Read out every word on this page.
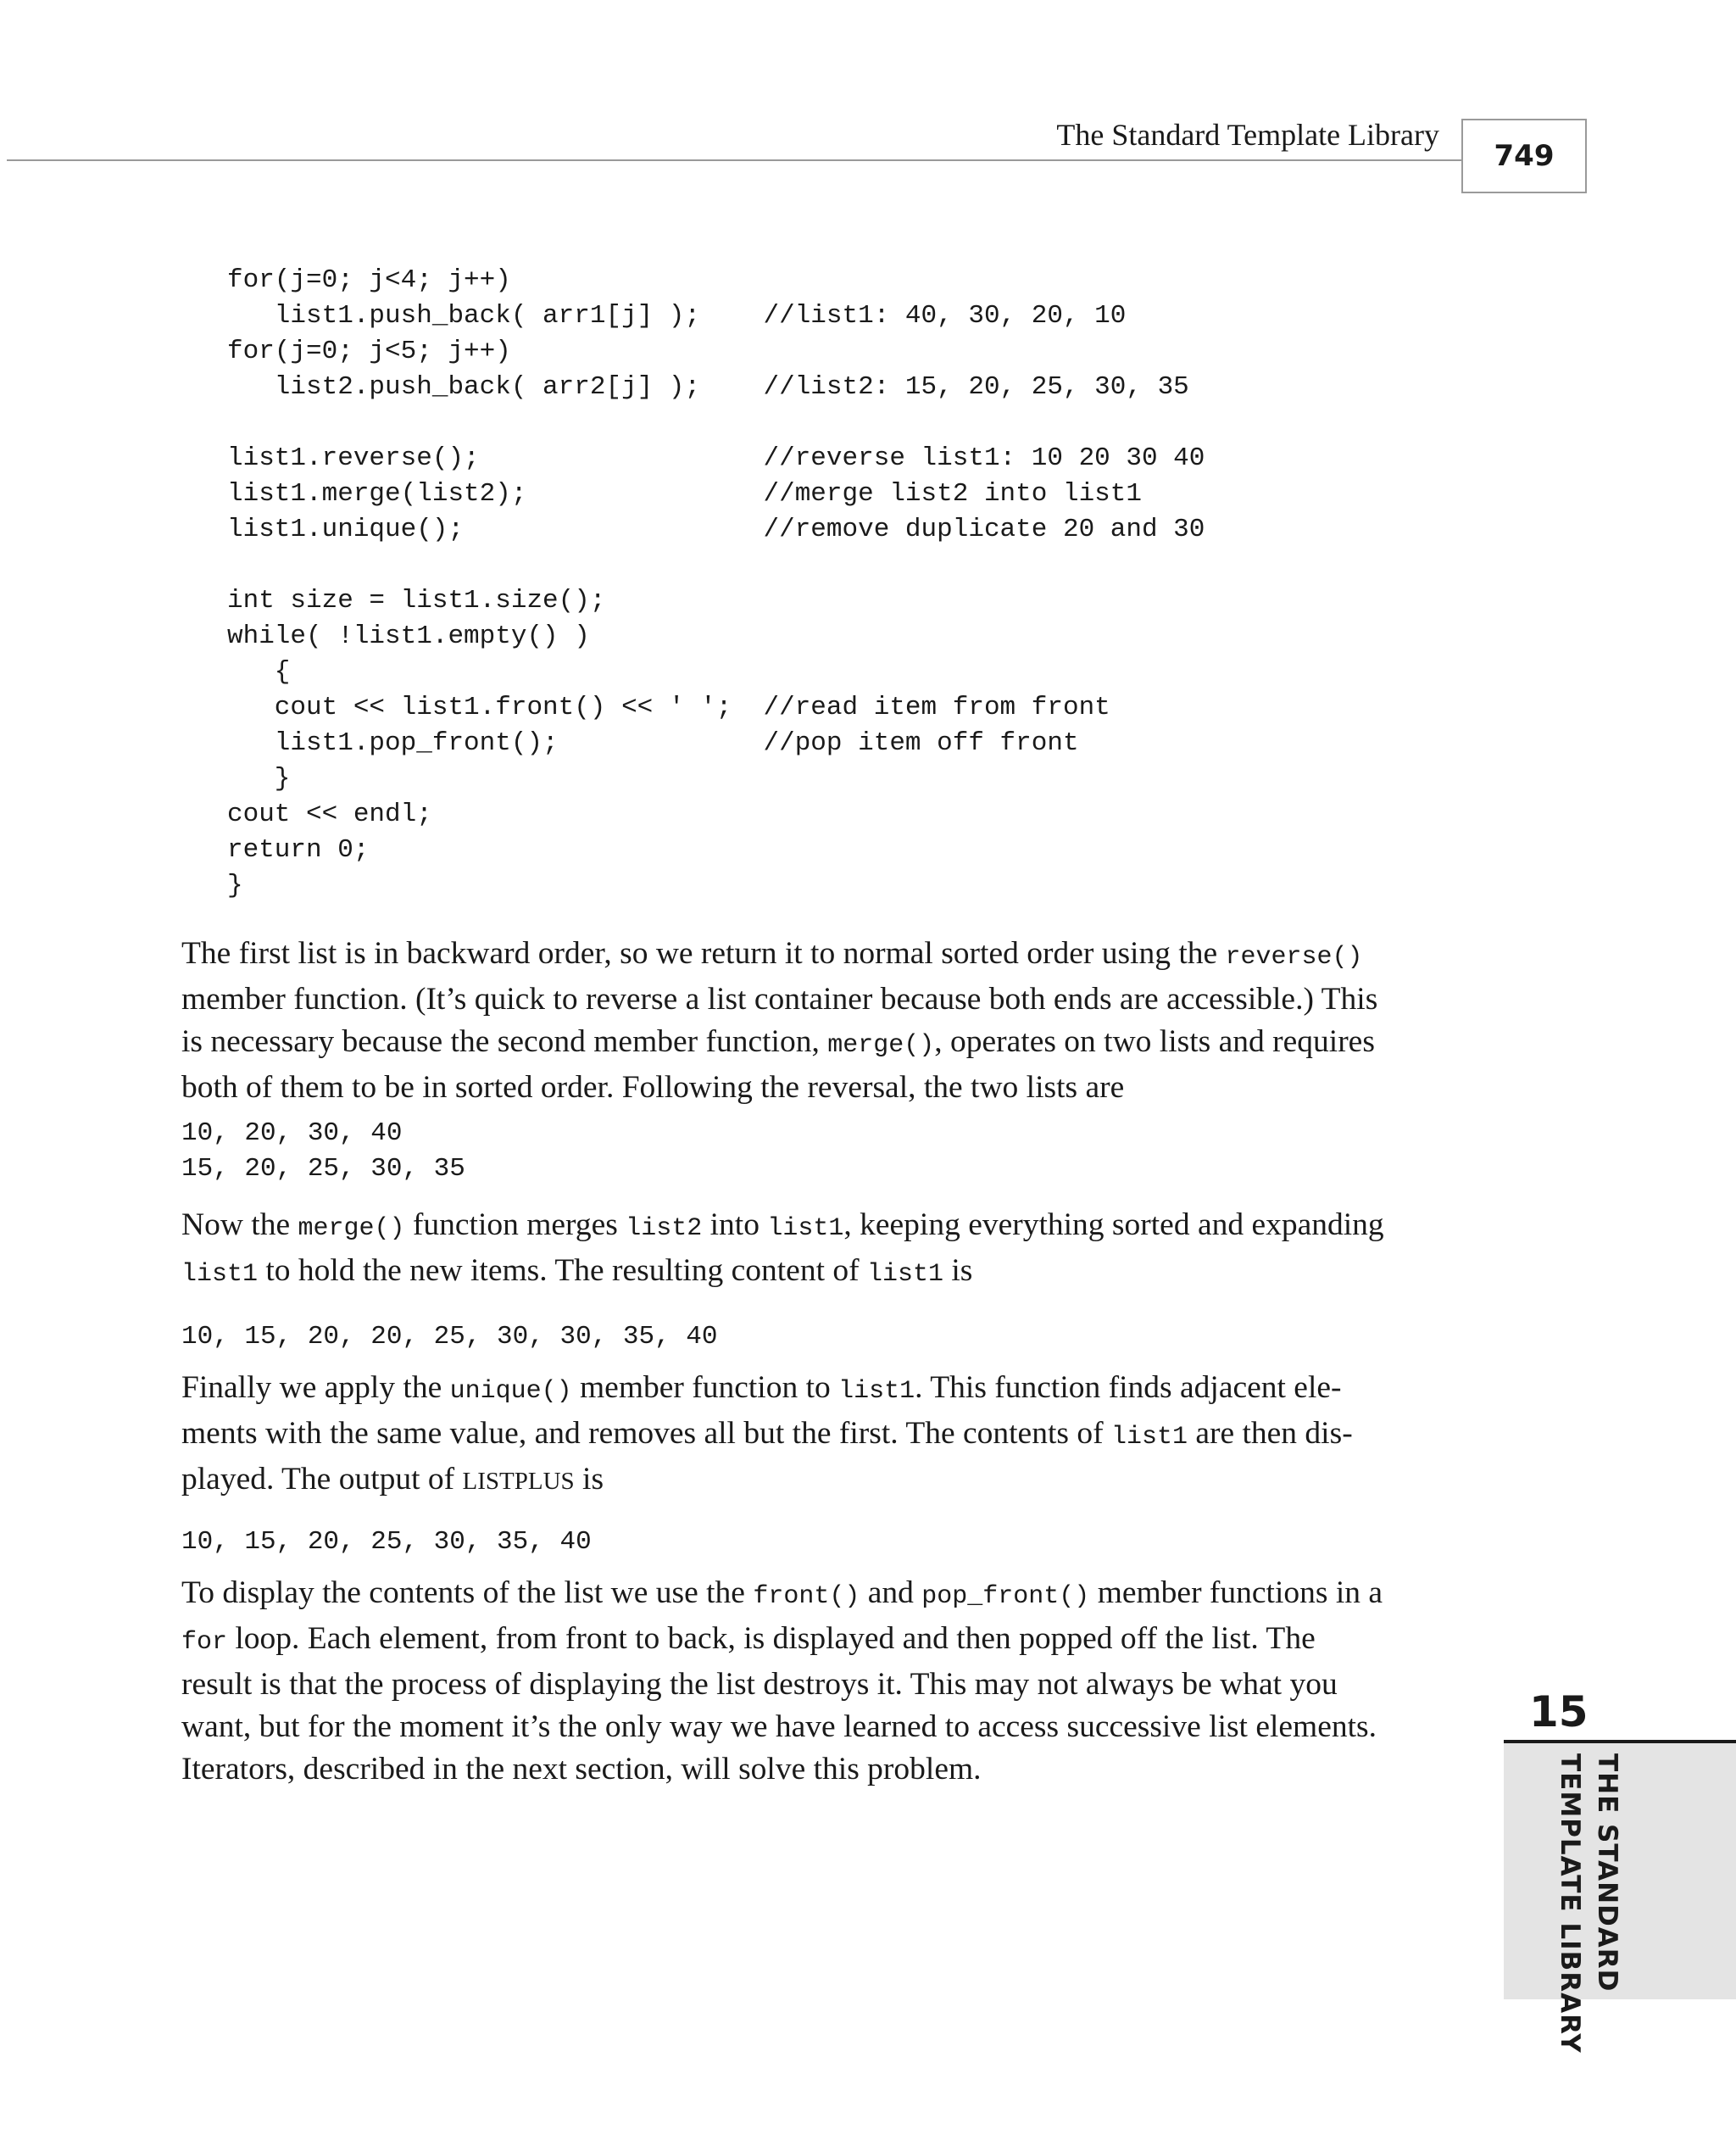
The Standard Template Library
749
for(j=0; j<4; j++)
list1.push_back( arr1[j] );    //list1: 40, 30, 20, 10
for(j=0; j<5; j++)
list2.push_back( arr2[j] );    //list2: 15, 20, 25, 30, 35

list1.reverse();                  //reverse list1: 10 20 30 40
list1.merge(list2);               //merge list2 into list1
list1.unique();                   //remove duplicate 20 and 30

int size = list1.size();
while( !list1.empty() )
{
cout << list1.front() << ' ';  //read item from front
list1.pop_front();             //pop item off front
}
cout << endl;
return 0;
}

The first list is in backward order, so we return it to normal sorted order using the reverse()
member function. (It’s quick to reverse a list container because both ends are accessible.) This
is necessary because the second member function, merge(), operates on two lists and requires
both of them to be in sorted order. Following the reversal, the two lists are

10, 20, 30, 40
15, 20, 25, 30, 35

Now the merge() function merges list2 into list1, keeping everything sorted and expanding
list1 to hold the new items. The resulting content of list1 is

10, 15, 20, 20, 25, 30, 30, 35, 40

Finally we apply the unique() member function to list1. This function finds adjacent ele-
ments with the same value, and removes all but the first. The contents of list1 are then dis-
played. The output of LISTPLUS is

10, 15, 20, 25, 30, 35, 40

To display the contents of the list we use the front() and pop_front() member functions in a
for loop. Each element, from front to back, is displayed and then popped off the list. The
result is that the process of displaying the list destroys it. This may not always be what you
want, but for the moment it’s the only way we have learned to access successive list elements.
Iterators, described in the next section, will solve this problem.

15
THE STANDARD
TEMPLATE LIBRARY
